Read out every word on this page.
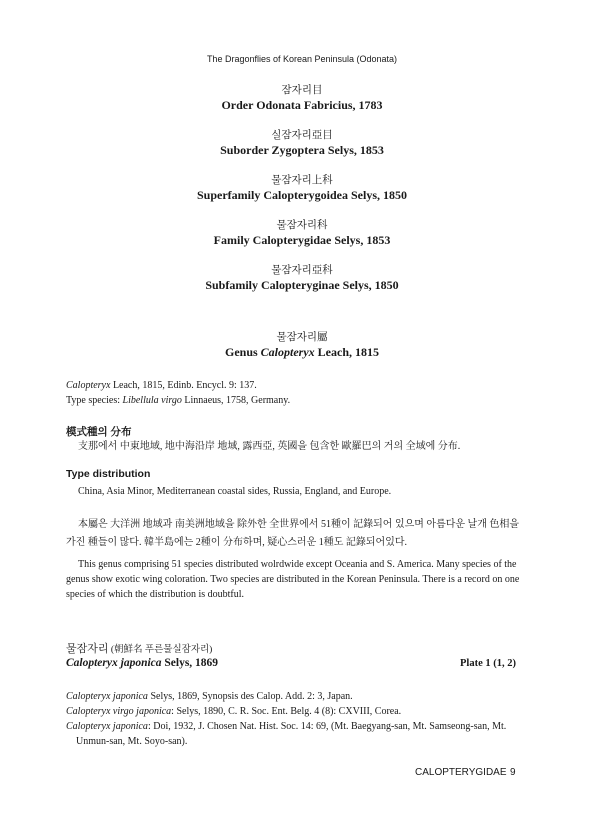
The Dragonflies of Korean Peninsula (Odonata)
잠자리目
Order Odonata Fabricius, 1783
실잠자리亞目
Suborder Zygoptera Selys, 1853
물잠자리上科
Superfamily Calopterygoidea Selys, 1850
물잠자리科
Family Calopterygidae Selys, 1853
물잠자리亞科
Subfamily Calopteryginae Selys, 1850
물잠자리屬
Genus Calopteryx Leach, 1815
Calopteryx Leach, 1815, Edinb. Encycl. 9: 137.
Type species: Libellula virgo Linnaeus, 1758, Germany.
模式種의 分布
支那에서 中東地域, 地中海沿岸 地域, 露西亞, 英國을 包含한 歐羅巴의 거의 全域에 分布.
Type distribution
China, Asia Minor, Mediterranean coastal sides, Russia, England, and Europe.
本屬은 大洋洲 地域과 南美洲地域을 除外한 全世界에서 51種이 記錄되어 있으며 아름다운 날개 色相을 가진 種들이 많다. 韓半島에는 2種이 分布하며, 疑心스러운 1種도 記錄되어있다.
This genus comprising 51 species distributed wolrdwide except Oceania and S. America. Many species of the genus show exotic wing coloration. Two species are distributed in the Korean Peninsula. There is a record on one species of which the distribution is doubtful.
물잠자리 (朝鮮名 푸른물실잠자리)
Calopteryx japonica Selys, 1869	Plate 1 (1, 2)
Calopteryx japonica Selys, 1869, Synopsis des Calop. Add. 2: 3, Japan.
Calopteryx virgo japonica: Selys, 1890, C. R. Soc. Ent. Belg. 4 (8): CXVIII, Corea.
Calopteryx japonica: Doi, 1932, J. Chosen Nat. Hist. Soc. 14: 69, (Mt. Baegyang-san, Mt. Samseong-san, Mt. Unmun-san, Mt. Soyo-san).
CALOPTERYGIDAE 9
